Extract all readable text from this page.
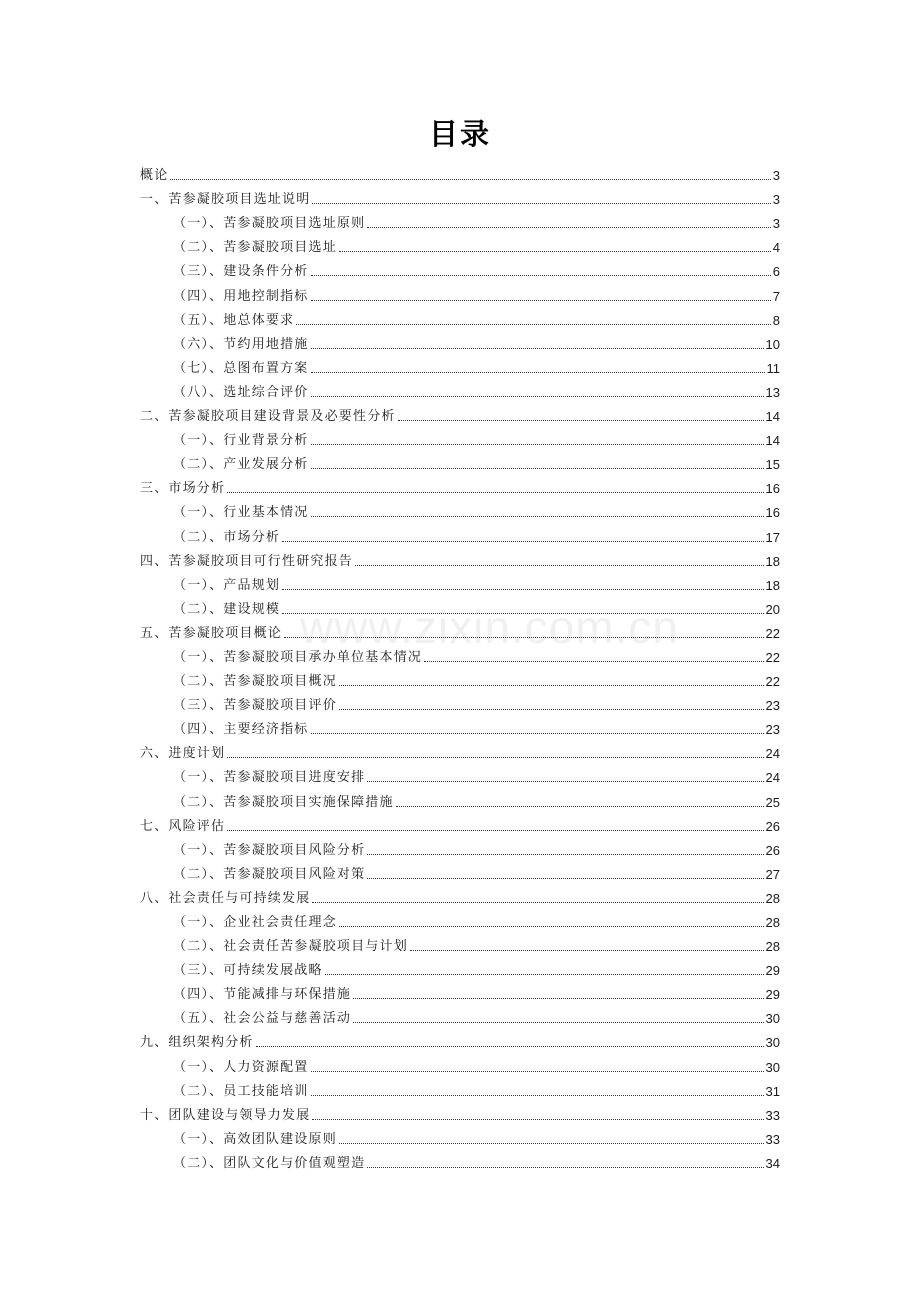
目录
www.zixin.com.cn
概论	3
一、苦参凝胶项目选址说明	3
（一）、苦参凝胶项目选址原则	3
（二）、苦参凝胶项目选址	4
（三）、建设条件分析	6
（四）、用地控制指标	7
（五）、地总体要求	8
（六）、节约用地措施	10
（七）、总图布置方案	11
（八）、选址综合评价	13
二、苦参凝胶项目建设背景及必要性分析	14
（一）、行业背景分析	14
（二）、产业发展分析	15
三、市场分析	16
（一）、行业基本情况	16
（二）、市场分析	17
四、苦参凝胶项目可行性研究报告	18
（一）、产品规划	18
（二）、建设规模	20
五、苦参凝胶项目概论	22
（一）、苦参凝胶项目承办单位基本情况	22
（二）、苦参凝胶项目概况	22
（三）、苦参凝胶项目评价	23
（四）、主要经济指标	23
六、进度计划	24
（一）、苦参凝胶项目进度安排	24
（二）、苦参凝胶项目实施保障措施	25
七、风险评估	26
（一）、苦参凝胶项目风险分析	26
（二）、苦参凝胶项目风险对策	27
八、社会责任与可持续发展	28
（一）、企业社会责任理念	28
（二）、社会责任苦参凝胶项目与计划	28
（三）、可持续发展战略	29
（四）、节能减排与环保措施	29
（五）、社会公益与慈善活动	30
九、组织架构分析	30
（一）、人力资源配置	30
（二）、员工技能培训	31
十、团队建设与领导力发展	33
（一）、高效团队建设原则	33
（二）、团队文化与价值观塑造	34
